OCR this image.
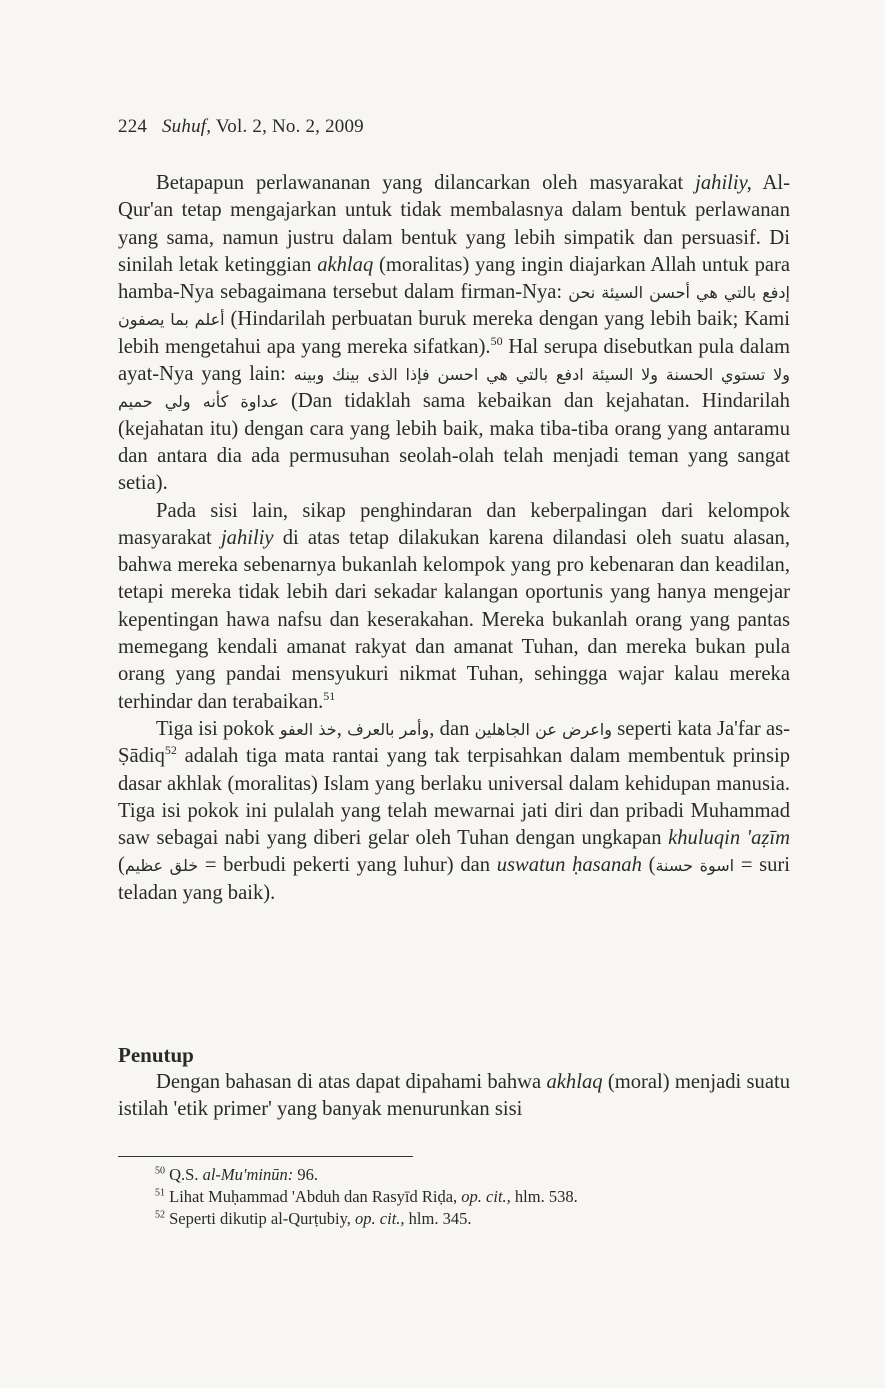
224 Suhuf, Vol. 2, No. 2, 2009

Betapapun perlawananan yang dilancarkan oleh masyarakat jahiliy, Al-Qur'an tetap mengajarkan untuk tidak membalasnya dalam bentuk perlawanan yang sama, namun justru dalam bentuk yang lebih simpatik dan persuasif. Di sinilah letak ketinggian akhlaq (moralitas) yang ingin diajarkan Allah untuk para hamba-Nya sebagaimana tersebut dalam firman-Nya: إدفع بالتي هي أحسن السيئة نحن أعلم بما يصفون (Hindarilah perbuatan buruk mereka dengan yang lebih baik; Kami lebih mengetahui apa yang mereka sifatkan).$^{50}$ Hal serupa disebutkan pula dalam ayat-Nya yang lain: ولا تستوي الحسنة ولا السيئة ادفع بالتي هي احسن فإذا الذى بينك وبينه عداوة كأنه ولي حميم (Dan tidaklah sama kebaikan dan kejahatan. Hindarilah (kejahatan itu) dengan cara yang lebih baik, maka tiba-tiba orang yang antaramu dan antara dia ada permusuhan seolah-olah telah menjadi teman yang sangat setia).

Pada sisi lain, sikap penghindaran dan keberpalingan dari kelompok masyarakat jahiliy di atas tetap dilakukan karena dilandasi oleh suatu alasan, bahwa mereka sebenarnya bukanlah kelompok yang pro kebenaran dan keadilan, tetapi mereka tidak lebih dari sekadar kalangan oportunis yang hanya mengejar kepentingan hawa nafsu dan keserakahan. Mereka bukanlah orang yang pantas memegang kendali amanat rakyat dan amanat Tuhan, dan mereka bukan pula orang yang pandai mensyukuri nikmat Tuhan, sehingga wajar kalau mereka terhindar dan terabaikan.$^{51}$

Tiga isi pokok خذ العفو, وأمر بالعرف, dan واعرض عن الجاهلين seperti kata Ja'far as-Ṣādiq$^{52}$ adalah tiga mata rantai yang tak terpisahkan dalam membentuk prinsip dasar akhlak (moralitas) Islam yang berlaku universal dalam kehidupan manusia. Tiga isi pokok ini pulalah yang telah mewarnai jati diri dan pribadi Muhammad saw sebagai nabi yang diberi gelar oleh Tuhan dengan ungkapan khuluqin 'aẓīm (خلق عظيم = berbudi pekerti yang luhur) dan uswatun ḥasanah (اسوة حسنة = suri teladan yang baik).

Penutup

Dengan bahasan di atas dapat dipahami bahwa akhlaq (moral) menjadi suatu istilah 'etik primer' yang banyak menurunkan sisi

$^{50}$ Q.S. al-Mu'minūn: 96.
$^{51}$ Lihat Muḥammad 'Abduh dan Rasyīd Riḍa, op. cit., hlm. 538.
$^{52}$ Seperti dikutip al-Qurṭubiy, op. cit., hlm. 345.
